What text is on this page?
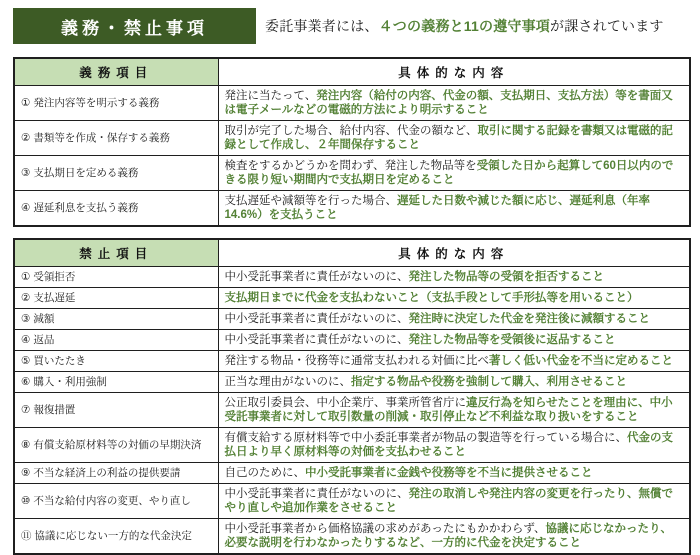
義務・禁止事項	委託事業者には、４つの義務と11の遵守事項が課されています
義務項目	具体的な内容
① 発注内容等を明示する義務	発注に当たって、発注内容（給付の内容、代金の額、支払期日、支払方法）等を書面又は電子メールなどの電磁的方法により明示すること
② 書類等を作成・保存する義務	取引が完了した場合、給付内容、代金の額など、取引に関する記録を書類又は電磁的記録として作成し、２年間保存すること
③ 支払期日を定める義務	検査をするかどうかを問わず、発注した物品等を受領した日から起算して60日以内のできる限り短い期間内で支払期日を定めること
④ 遅延利息を支払う義務	支払遅延や減額等を行った場合、遅延した日数や減じた額に応じ、遅延利息（年率14.6%）を支払うこと
禁止項目	具体的な内容
① 受領拒否	中小受託事業者に責任がないのに、発注した物品等の受領を拒否すること
② 支払遅延	支払期日までに代金を支払わないこと（支払手段として手形払等を用いること）
③ 減額	中小受託事業者に責任がないのに、発注時に決定した代金を発注後に減額すること
④ 返品	中小受託事業者に責任がないのに、発注した物品等を受領後に返品すること
⑤ 買いたたき	発注する物品・役務等に通常支払われる対価に比べ著しく低い代金を不当に定めること
⑥ 購入・利用強制	正当な理由がないのに、指定する物品や役務を強制して購入、利用させること
⑦ 報復措置	公正取引委員会、中小企業庁、事業所管省庁に違反行為を知らせたことを理由に、中小受託事業者に対して取引数量の削減・取引停止など不利益な取り扱いをすること
⑧ 有償支給原材料等の対価の早期決済	有償支給する原材料等で中小委託事業者が物品の製造等を行っている場合に、代金の支払日より早く原材料等の対価を支払わせること
⑨ 不当な経済上の利益の提供要請	自己のために、中小受託事業者に金銭や役務等を不当に提供させること
⑩ 不当な給付内容の変更、やり直し	中小受託事業者に責任がないのに、発注の取消しや発注内容の変更を行ったり、無償でやり直しや追加作業をさせること
⑪ 協議に応じない一方的な代金決定	中小受託事業者から価格協議の求めがあったにもかかわらず、協議に応じなかったり、必要な説明を行わなかったりするなど、一方的に代金を決定すること
